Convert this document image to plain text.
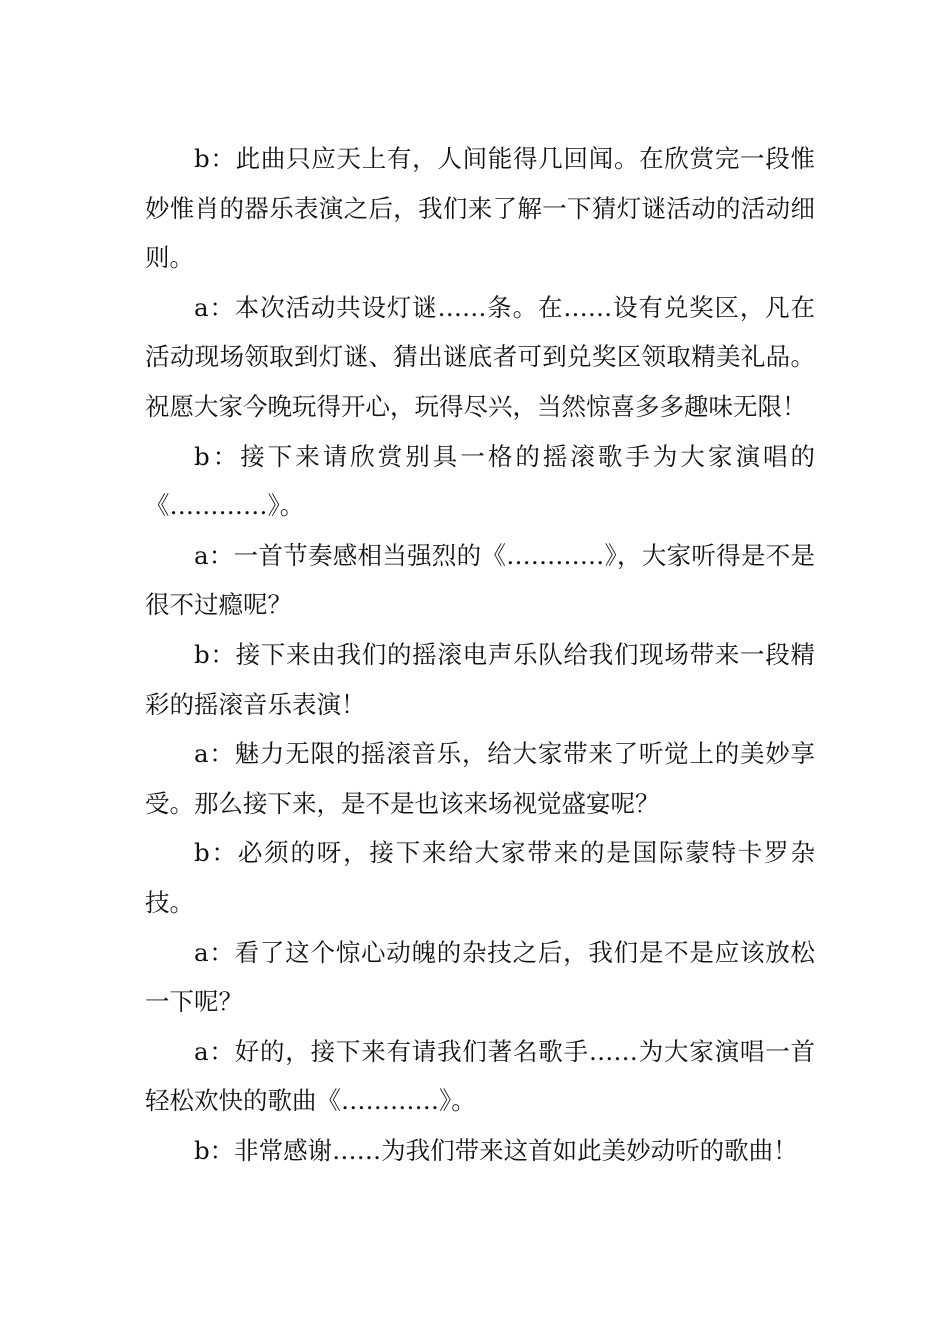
b：此曲只应天上有，人间能得几回闻。在欣赏完一段惟妙惟肖的器乐表演之后，我们来了解一下猜灯谜活动的活动细则。

a：本次活动共设灯谜……条。在……设有兑奖区，凡在活动现场领取到灯谜、猜出谜底者可到兑奖区领取精美礼品。祝愿大家今晚玩得开心，玩得尽兴，当然惊喜多多趣味无限！

b：接下来请欣赏别具一格的摇滚歌手为大家演唱的《…………》。

a：一首节奏感相当强烈的《…………》，大家听得是不是很不过瘾呢？

b：接下来由我们的摇滚电声乐队给我们现场带来一段精彩的摇滚音乐表演！

a：魅力无限的摇滚音乐，给大家带来了听觉上的美妙享受。那么接下来，是不是也该来场视觉盛宴呢？

b：必须的呀，接下来给大家带来的是国际蒙特卡罗杂技。

a：看了这个惊心动魄的杂技之后，我们是不是应该放松一下呢？

a：好的，接下来有请我们著名歌手……为大家演唱一首轻松欢快的歌曲《…………》。

b：非常感谢……为我们带来这首如此美妙动听的歌曲！
